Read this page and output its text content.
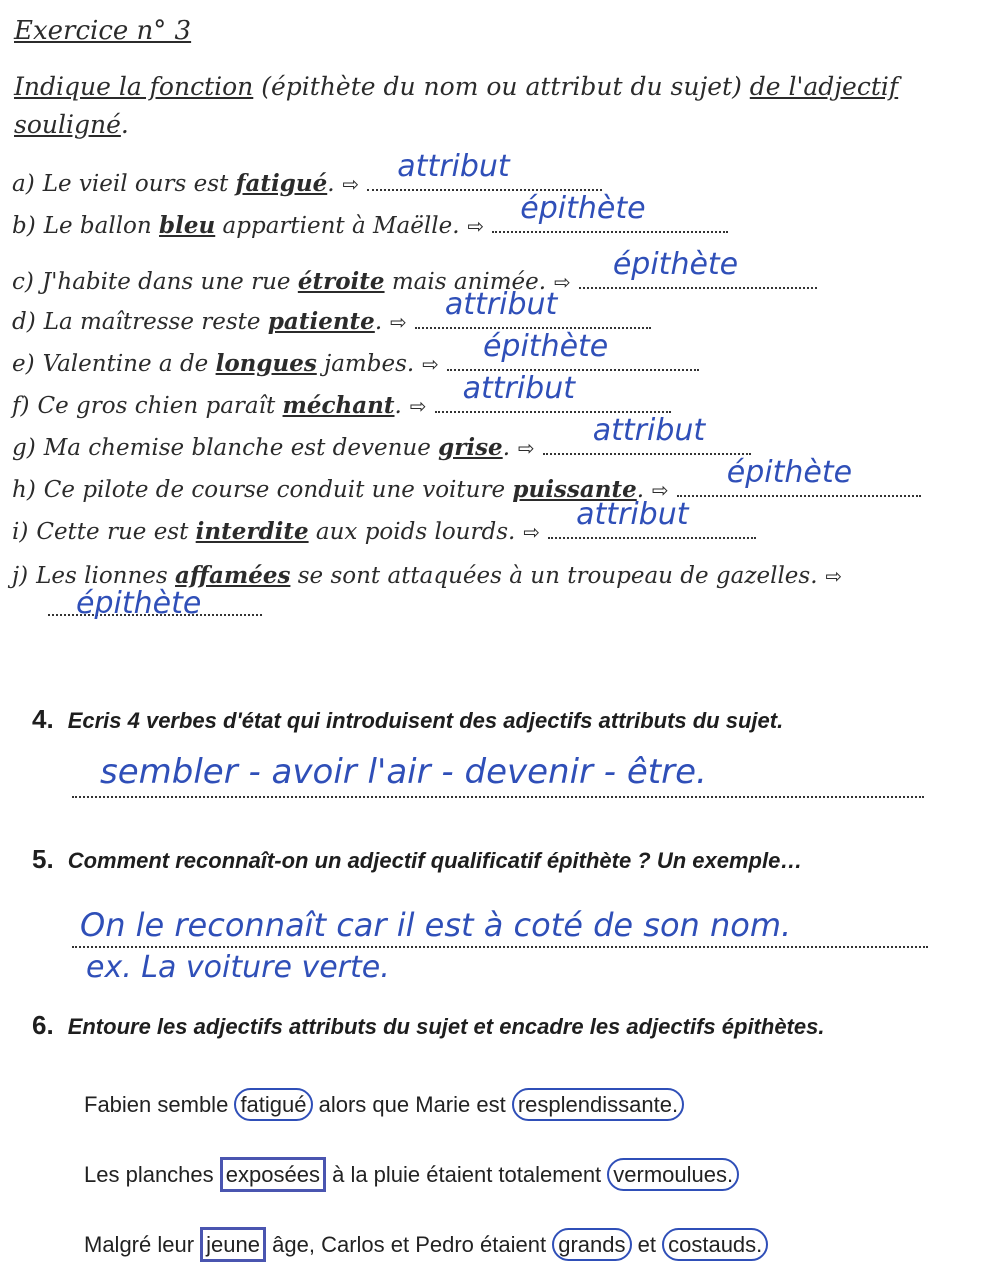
Exercice n° 3
Indique la fonction (épithète du nom ou attribut du sujet) de l'adjectif
souligné.
a) Le vieil ours est fatigué. ⇨ attribut
b) Le ballon bleu appartient à Maëlle. ⇨ épithète
c) J'habite dans une rue étroite mais animée. ⇨ épithète
d) La maîtresse reste patiente. ⇨ attribut
e) Valentine a de longues jambes. ⇨ épithète
f) Ce gros chien paraît méchant. ⇨ attribut
g) Ma chemise blanche est devenue grise. ⇨ attribut
h) Ce pilote de course conduit une voiture puissante. ⇨ épithète
i) Cette rue est interdite aux poids lourds. ⇨ attribut
j) Les lionnes affamées se sont attaquées à un troupeau de gazelles. ⇨
4. Ecris 4 verbes d'état qui introduisent des adjectifs attributs du sujet.
sembler - avoir l'air - devenir - être.
5. Comment reconnaît-on un adjectif qualificatif épithète ? Un exemple…
On le reconnaît car il est à coté de son nom.
ex. La voiture verte.
6. Entoure les adjectifs attributs du sujet et encadre les adjectifs épithètes.
Fabien semble fatigué alors que Marie est resplendissante.
Les planches exposées à la pluie étaient totalement vermoulues.
Malgré leur jeune âge, Carlos et Pedro étaient grands et costauds.
épithète
